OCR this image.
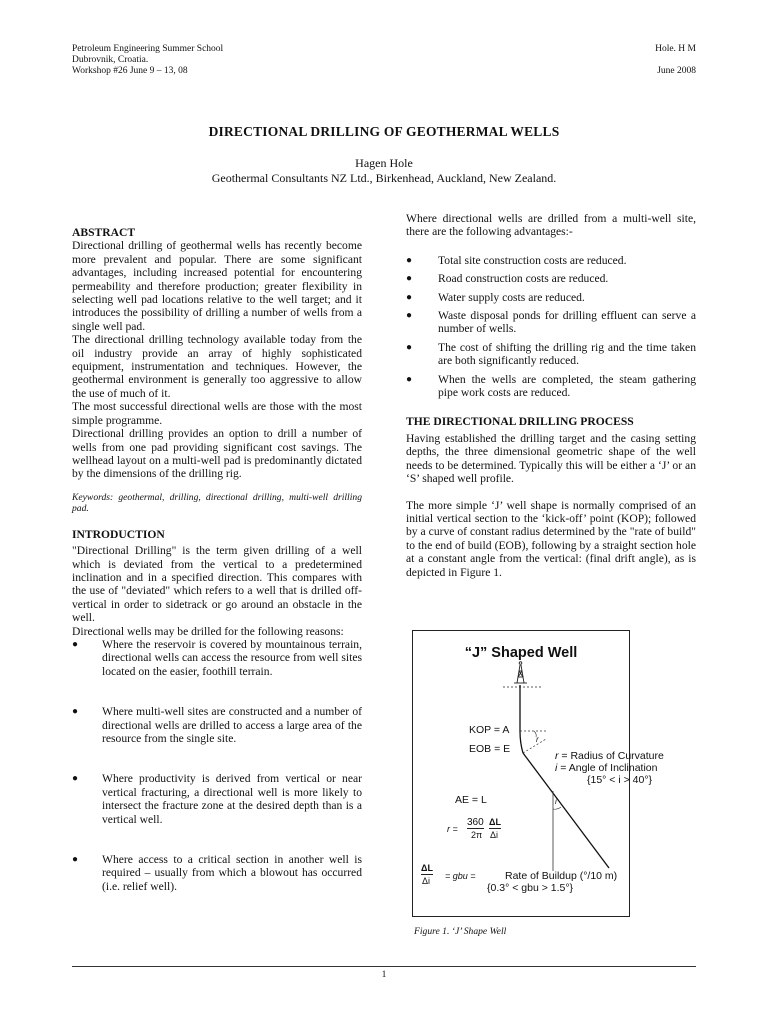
Petroleum Engineering Summer School
Dubrovnik, Croatia.
Workshop #26 June 9 – 13, 08
Hole. H M
June 2008
DIRECTIONAL DRILLING OF GEOTHERMAL WELLS
Hagen Hole
Geothermal Consultants NZ Ltd., Birkenhead, Auckland, New Zealand.
ABSTRACT

Directional drilling of geothermal wells has recently become more prevalent and popular. There are some significant advantages, including increased potential for encountering permeability and therefore production; greater flexibility in selecting well pad locations relative to the well target; and it introduces the possibility of drilling a number of wells from a single well pad.

The directional drilling technology available today from the oil industry provide an array of highly sophisticated equipment, instrumentation and techniques. However, the geothermal environment is generally too aggressive to allow the use of much of it.

The most successful directional wells are those with the most simple programme.

Directional drilling provides an option to drill a number of wells from one pad providing significant cost savings. The wellhead layout on a multi-well pad is predominantly dictated by the dimensions of the drilling rig.

Keywords: geothermal, drilling, directional drilling, multi-well drilling pad.

INTRODUCTION

"Directional Drilling" is the term given drilling of a well which is deviated from the vertical to a predetermined inclination and in a specified direction. This compares with the use of "deviated" which refers to a well that is drilled off-vertical in order to sidetrack or go around an obstacle in the well.

Directional wells may be drilled for the following reasons:

● Where the reservoir is covered by mountainous terrain, directional wells can access the resource from well sites located on the easier, foothill terrain.
● Where multi-well sites are constructed and a number of directional wells are drilled to access a large area of the resource from the single site.
● Where productivity is derived from vertical or near vertical fracturing, a directional well is more likely to intersect the fracture zone at the desired depth than is a vertical well.
● Where access to a critical section in another well is required – usually from which a blowout has occurred (i.e. relief well).

Where directional wells are drilled from a multi-well site, there are the following advantages:-

● Total site construction costs are reduced.
● Road construction costs are reduced.
● Water supply costs are reduced.
● Waste disposal ponds for drilling effluent can serve a number of wells.
● The cost of shifting the drilling rig and the time taken are both significantly reduced.
● When the wells are completed, the steam gathering pipe work costs are reduced.
THE DIRECTIONAL DRILLING PROCESS

Having established the drilling target and the casing setting depths, the three dimensional geometric shape of the well needs to be determined. Typically this will be either a ‘J’ or an ‘S’ shaped well profile.

The more simple ‘J’ well shape is normally comprised of an initial vertical section to the ‘kick-off’ point (KOP); followed by a curve of constant radius determined by the "rate of build" to the end of build (EOB), following by a straight section hole at a constant angle from the vertical: (final drift angle), as is depicted in Figure 1.

“J” Shaped Well
KOP = A
EOB = E
r
r = Radius of Curvature
i = Angle of Inclination
{15° < i > 40°}
AE = L	i
r =
360
2π
ΔL
Δi
ΔL
Δi = gbu =	Rate of Buildup (°/10 m)
{0.3° < gbu > 1.5°}
Figure 1. ‘J’ Shape Well
1
